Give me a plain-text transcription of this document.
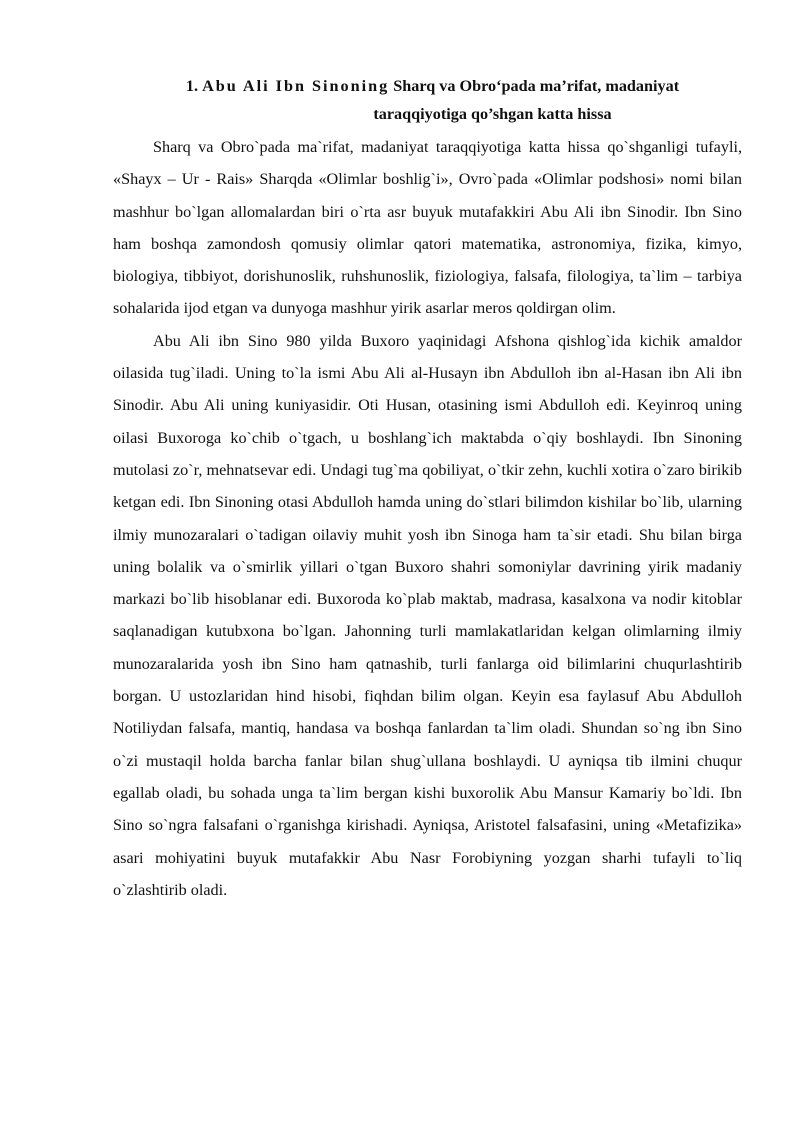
1. Abu Ali Ibn Sinoning Sharq va Obro‘pada ma’rifat, madaniyat
taraqqiyotiga qo’shgan katta hissa

Sharq va Obro`pada ma`rifat, madaniyat taraqqiyotiga katta hissa qo`shganligi tufayli, «Shayx – Ur - Rais» Sharqda «Olimlar boshlig`i», Ovro`pada «Olimlar podshosi» nomi bilan mashhur bo`lgan allomalardan biri o`rta asr buyuk mutafakkiri Abu Ali ibn Sinodir. Ibn Sino ham boshqa zamondosh qomusiy olimlar qatori matematika, astronomiya, fizika, kimyo, biologiya, tibbiyot, dorishunoslik, ruhshunoslik, fiziologiya, falsafa, filologiya, ta`lim – tarbiya sohalarida ijod etgan va dunyoga mashhur yirik asarlar meros qoldirgan olim.

Abu Ali ibn Sino 980 yilda Buxoro yaqinidagi Afshona qishlog`ida kichik amaldor oilasida tug`iladi. Uning to`la ismi Abu Ali al-Husayn ibn Abdulloh ibn al-Hasan ibn Ali ibn Sinodir. Abu Ali uning kuniyasidir. Oti Husan, otasining ismi Abdulloh edi. Keyinroq uning oilasi Buxoroga ko`chib o`tgach, u boshlang`ich maktabda o`qiy boshlaydi. Ibn Sinoning mutolasi zo`r, mehnatsevar edi. Undagi tug`ma qobiliyat, o`tkir zehn, kuchli xotira o`zaro birikib ketgan edi. Ibn Sinoning otasi Abdulloh hamda uning do`stlari bilimdon kishilar bo`lib, ularning ilmiy munozaralari o`tadigan oilaviy muhit yosh ibn Sinoga ham ta`sir etadi. Shu bilan birga uning bolalik va o`smirlik yillari o`tgan Buxoro shahri somoniylar davrining yirik madaniy markazi bo`lib hisoblanar edi. Buxoroda ko`plab maktab, madrasa, kasalxona va nodir kitoblar saqlanadigan kutubxona bo`lgan. Jahonning turli mamlakatlaridan kelgan olimlarning ilmiy munozaralarida yosh ibn Sino ham qatnashib, turli fanlarga oid bilimlarini chuqurlashtirib borgan. U ustozlaridan hind hisobi, fiqhdan bilim olgan. Keyin esa faylasuf Abu Abdulloh Notiliydan falsafa, mantiq, handasa va boshqa fanlardan ta`lim oladi. Shundan so`ng ibn Sino o`zi mustaqil holda barcha fanlar bilan shug`ullana boshlaydi. U ayniqsa tib ilmini chuqur egallab oladi, bu sohada unga ta`lim bergan kishi buxorolik Abu Mansur Kamariy bo`ldi. Ibn Sino so`ngra falsafani o`rganishga kirishadi. Ayniqsa, Aristotel falsafasini, uning «Metafizika» asari mohiyatini buyuk mutafakkir Abu Nasr Forobiyning yozgan sharhi tufayli to`liq o`zlashtirib oladi.
